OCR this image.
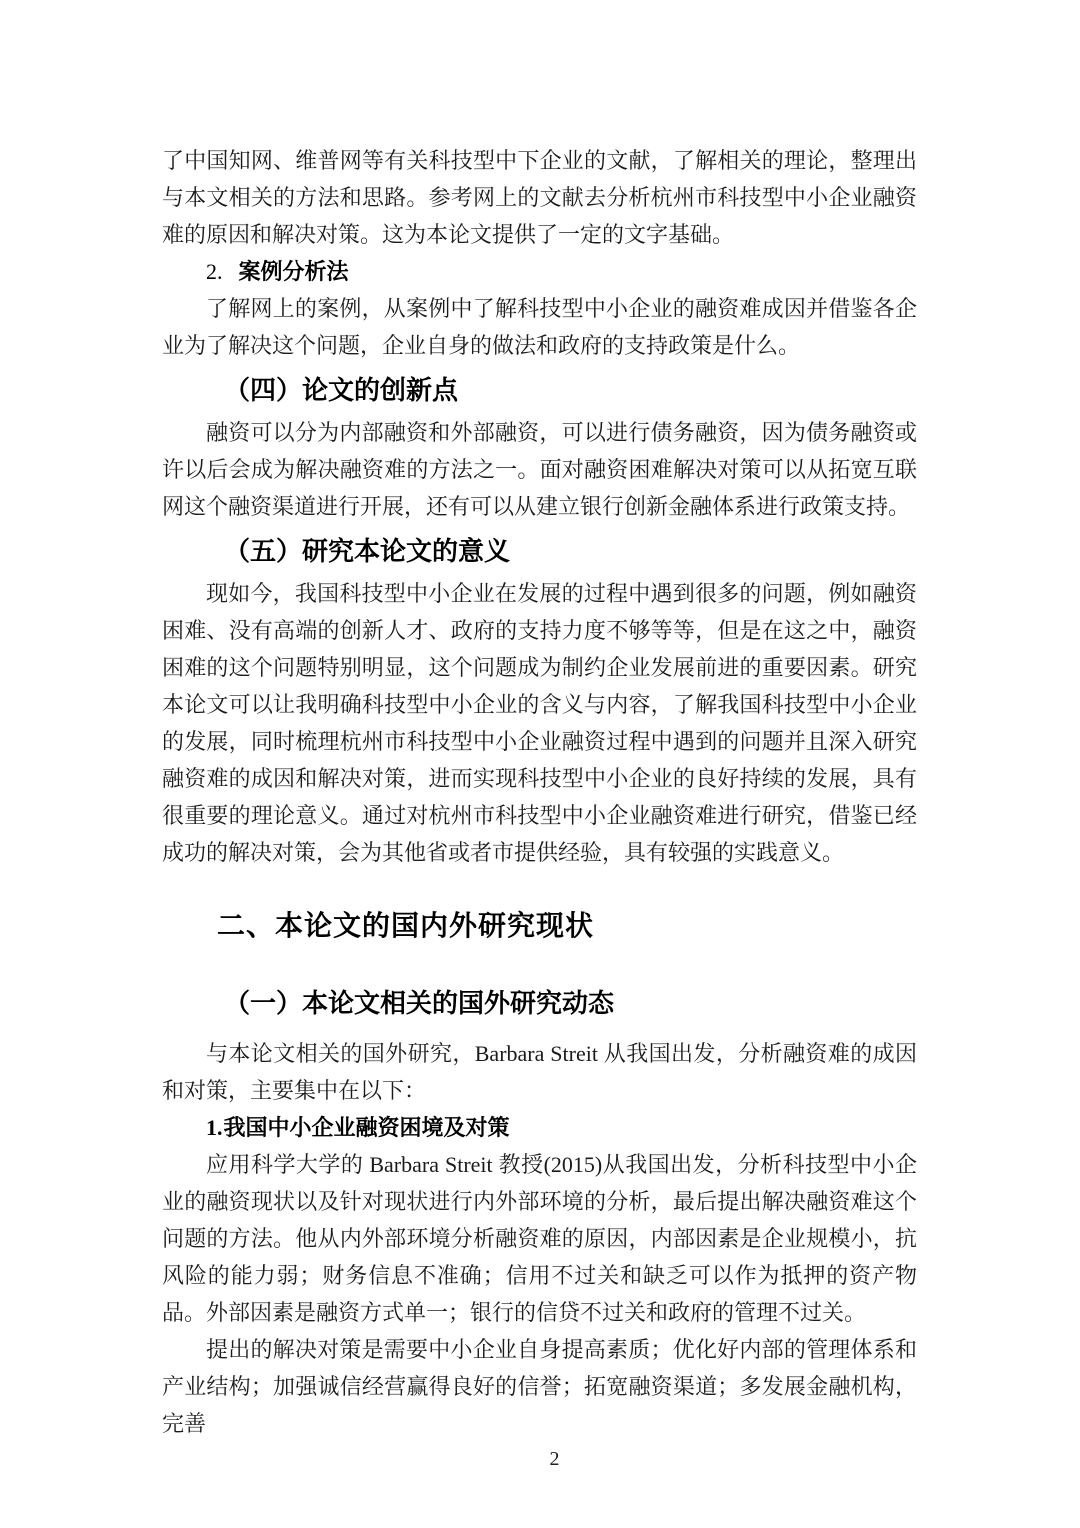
了中国知网、维普网等有关科技型中下企业的文献，了解相关的理论，整理出与本文相关的方法和思路。参考网上的文献去分析杭州市科技型中小企业融资难的原因和解决对策。这为本论文提供了一定的文字基础。

2. 案例分析法

了解网上的案例，从案例中了解科技型中小企业的融资难成因并借鉴各企业为了解决这个问题，企业自身的做法和政府的支持政策是什么。

（四）论文的创新点

融资可以分为内部融资和外部融资，可以进行债务融资，因为债务融资或许以后会成为解决融资难的方法之一。面对融资困难解决对策可以从拓宽互联网这个融资渠道进行开展，还有可以从建立银行创新金融体系进行政策支持。

（五）研究本论文的意义

现如今，我国科技型中小企业在发展的过程中遇到很多的问题，例如融资困难、没有高端的创新人才、政府的支持力度不够等等，但是在这之中，融资困难的这个问题特别明显，这个问题成为制约企业发展前进的重要因素。研究本论文可以让我明确科技型中小企业的含义与内容，了解我国科技型中小企业的发展，同时梳理杭州市科技型中小企业融资过程中遇到的问题并且深入研究融资难的成因和解决对策，进而实现科技型中小企业的良好持续的发展，具有很重要的理论意义。通过对杭州市科技型中小企业融资难进行研究，借鉴已经成功的解决对策，会为其他省或者市提供经验，具有较强的实践意义。

二、本论文的国内外研究现状
（一）本论文相关的国外研究动态

与本论文相关的国外研究，Barbara Streit 从我国出发，分析融资难的成因和对策，主要集中在以下：

1.我国中小企业融资困境及对策

应用科学大学的 Barbara Streit 教授(2015)从我国出发，分析科技型中小企业的融资现状以及针对现状进行内外部环境的分析，最后提出解决融资难这个问题的方法。他从内外部环境分析融资难的原因，内部因素是企业规模小，抗风险的能力弱；财务信息不准确；信用不过关和缺乏可以作为抵押的资产物品。外部因素是融资方式单一；银行的信贷不过关和政府的管理不过关。

提出的解决对策是需要中小企业自身提高素质；优化好内部的管理体系和产业结构；加强诚信经营赢得良好的信誉；拓宽融资渠道；多发展金融机构，完善

2
